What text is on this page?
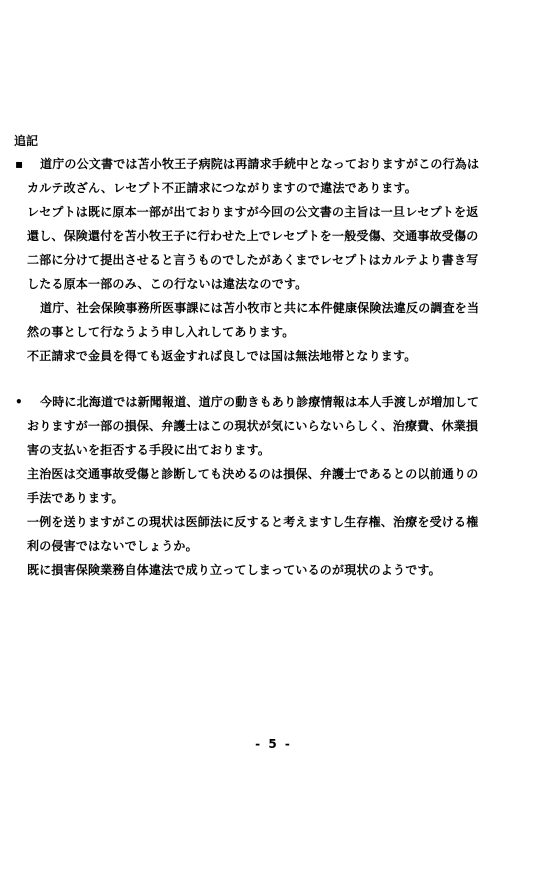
追記
▪ 道庁の公文書では苫小牧王子病院は再請求手続中となっておりますがこの行為は
カルテ改ざん、レセプト不正請求につながりますので違法であります。
レセプトは既に原本一部が出ておりますが今回の公文書の主旨は一旦レセプトを返
還し、保険還付を苫小牧王子に行わせた上でレセプトを一般受傷、交通事故受傷の
二部に分けて提出させると言うものでしたがあくまでレセプトはカルテより書き写
したる原本一部のみ、この行ないは違法なのです。
道庁、社会保険事務所医事課には苫小牧市と共に本件健康保険法違反の調査を当
然の事として行なうよう申し入れしてあります。
不正請求で金員を得ても返金すれば良しでは国は無法地帯となります。
• 今時に北海道では新聞報道、道庁の動きもあり診療情報は本人手渡しが増加して
おりますが一部の損保、弁護士はこの現状が気にいらないらしく、治療費、休業損
害の支払いを拒否する手段に出ております。
主治医は交通事故受傷と診断しても決めるのは損保、弁護士であるとの以前通りの
手法であります。
一例を送りますがこの現状は医師法に反すると考えますし生存権、治療を受ける権
利の侵害ではないでしょうか。
既に損害保険業務自体違法で成り立ってしまっているのが現状のようです。
- 5 -
